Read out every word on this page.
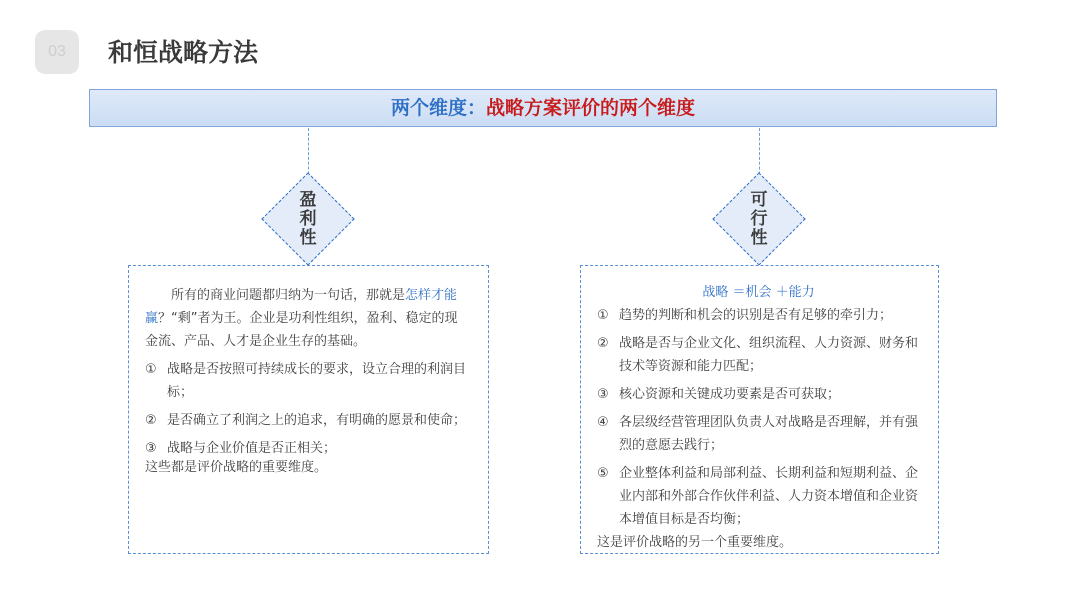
03	和恒战略方法
两个维度：战略方案评价的两个维度
盈
利
性
可
行
性
所有的商业问题都归纳为一句话，那就是怎样才能赢？“剩”者为王。企业是功利性组织，盈利、稳定的现金流、产品、人才是企业生存的基础。
① 战略是否按照可持续成长的要求，设立合理的利润目标；
② 是否确立了利润之上的追求，有明确的愿景和使命；
③ 战略与企业价值是否正相关；
这些都是评价战略的重要维度。
战略 ＝机会 ＋能力
① 趋势的判断和机会的识别是否有足够的牵引力；
② 战略是否与企业文化、组织流程、人力资源、财务和技术等资源和能力匹配；
③ 核心资源和关键成功要素是否可获取；
④ 各层级经营管理团队负责人对战略是否理解，并有强烈的意愿去践行；
⑤ 企业整体利益和局部利益、长期利益和短期利益、企业内部和外部合作伙伴利益、人力资本增值和企业资本增值目标是否均衡；
这是评价战略的另一个重要维度。
